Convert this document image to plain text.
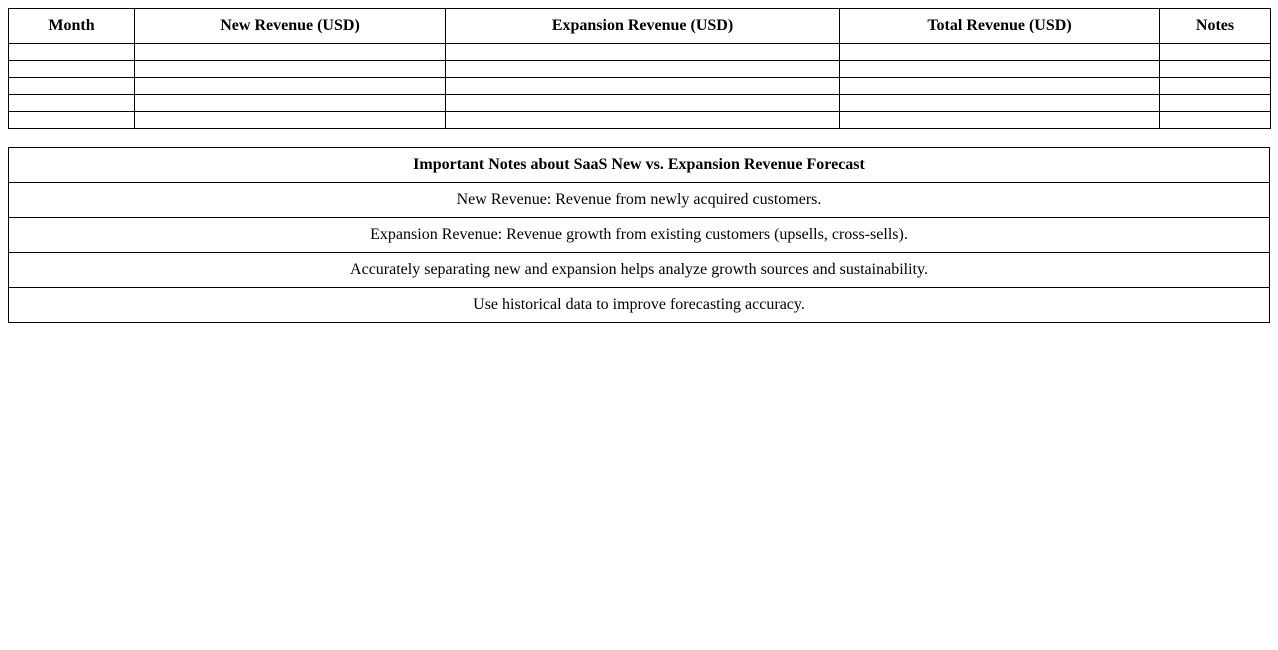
Month	New Revenue (USD)	Expansion Revenue (USD)	Total Revenue (USD)	Notes

Important Notes about SaaS New vs. Expansion Revenue Forecast
New Revenue: Revenue from newly acquired customers.
Expansion Revenue: Revenue growth from existing customers (upsells, cross-sells).
Accurately separating new and expansion helps analyze growth sources and sustainability.
Use historical data to improve forecasting accuracy.
